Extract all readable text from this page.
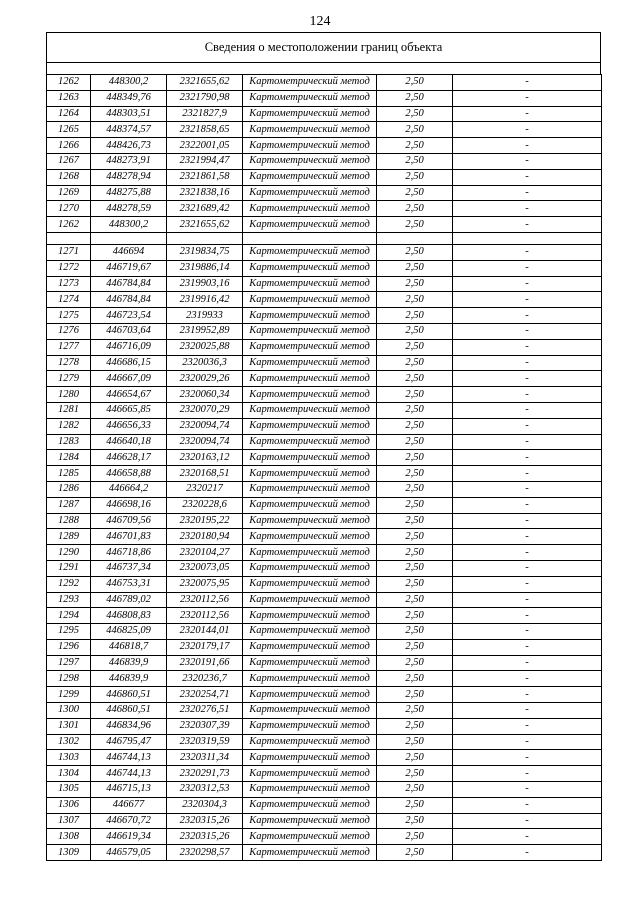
124
Сведения о местоположении границ объекта
1262	448300,2	2321655,62	Картометрический метод	2,50	-
1263	448349,76	2321790,98	Картометрический метод	2,50	-
1264	448303,51	2321827,9	Картометрический метод	2,50	-
1265	448374,57	2321858,65	Картометрический метод	2,50	-
1266	448426,73	2322001,05	Картометрический метод	2,50	-
1267	448273,91	2321994,47	Картометрический метод	2,50	-
1268	448278,94	2321861,58	Картометрический метод	2,50	-
1269	448275,88	2321838,16	Картометрический метод	2,50	-
1270	448278,59	2321689,42	Картометрический метод	2,50	-
1262	448300,2	2321655,62	Картометрический метод	2,50	-

1271	446694	2319834,75	Картометрический метод	2,50	-
1272	446719,67	2319886,14	Картометрический метод	2,50	-
1273	446784,84	2319903,16	Картометрический метод	2,50	-
1274	446784,84	2319916,42	Картометрический метод	2,50	-
1275	446723,54	2319933	Картометрический метод	2,50	-
1276	446703,64	2319952,89	Картометрический метод	2,50	-
1277	446716,09	2320025,88	Картометрический метод	2,50	-
1278	446686,15	2320036,3	Картометрический метод	2,50	-
1279	446667,09	2320029,26	Картометрический метод	2,50	-
1280	446654,67	2320060,34	Картометрический метод	2,50	-
1281	446665,85	2320070,29	Картометрический метод	2,50	-
1282	446656,33	2320094,74	Картометрический метод	2,50	-
1283	446640,18	2320094,74	Картометрический метод	2,50	-
1284	446628,17	2320163,12	Картометрический метод	2,50	-
1285	446658,88	2320168,51	Картометрический метод	2,50	-
1286	446664,2	2320217	Картометрический метод	2,50	-
1287	446698,16	2320228,6	Картометрический метод	2,50	-
1288	446709,56	2320195,22	Картометрический метод	2,50	-
1289	446701,83	2320180,94	Картометрический метод	2,50	-
1290	446718,86	2320104,27	Картометрический метод	2,50	-
1291	446737,34	2320073,05	Картометрический метод	2,50	-
1292	446753,31	2320075,95	Картометрический метод	2,50	-
1293	446789,02	2320112,56	Картометрический метод	2,50	-
1294	446808,83	2320112,56	Картометрический метод	2,50	-
1295	446825,09	2320144,01	Картометрический метод	2,50	-
1296	446818,7	2320179,17	Картометрический метод	2,50	-
1297	446839,9	2320191,66	Картометрический метод	2,50	-
1298	446839,9	2320236,7	Картометрический метод	2,50	-
1299	446860,51	2320254,71	Картометрический метод	2,50	-
1300	446860,51	2320276,51	Картометрический метод	2,50	-
1301	446834,96	2320307,39	Картометрический метод	2,50	-
1302	446795,47	2320319,59	Картометрический метод	2,50	-
1303	446744,13	2320311,34	Картометрический метод	2,50	-
1304	446744,13	2320291,73	Картометрический метод	2,50	-
1305	446715,13	2320312,53	Картометрический метод	2,50	-
1306	446677	2320304,3	Картометрический метод	2,50	-
1307	446670,72	2320315,26	Картометрический метод	2,50	-
1308	446619,34	2320315,26	Картометрический метод	2,50	-
1309	446579,05	2320298,57	Картометрический метод	2,50	-
